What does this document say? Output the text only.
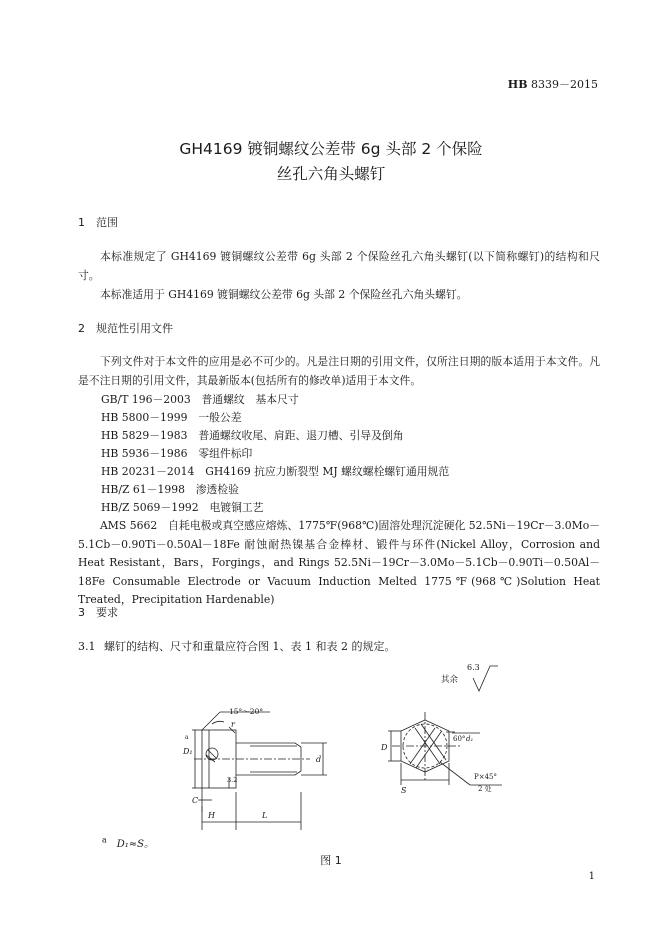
HB 8339－2015
GH4169 镀铜螺纹公差带 6g 头部 2 个保险
丝孔六角头螺钉
1 范围
本标准规定了 GH4169 镀铜螺纹公差带 6g 头部 2 个保险丝孔六角头螺钉(以下简称螺钉)的结构和尺寸。
本标准适用于 GH4169 镀铜螺纹公差带 6g 头部 2 个保险丝孔六角头螺钉。
2 规范性引用文件
下列文件对于本文件的应用是必不可少的。凡是注日期的引用文件，仅所注日期的版本适用于本文件。凡是不注日期的引用文件，其最新版本(包括所有的修改单)适用于本文件。
GB/T 196－2003　普通螺纹　基本尺寸
HB 5800－1999　一般公差
HB 5829－1983　普通螺纹收尾、肩距、退刀槽、引导及倒角
HB 5936－1986　零组件标印
HB 20231－2014　GH4169 抗应力断裂型 MJ 螺纹螺栓螺钉通用规范
HB/Z 61－1998　渗透检验
HB/Z 5069－1992　电镀铜工艺
AMS 5662　自耗电极或真空感应熔炼、1775℉(968℃)固溶处理沉淀硬化 52.5Ni－19Cr－3.0Mo－5.1Cb－0.90Ti－0.50Al－18Fe 耐蚀耐热镍基合金棒材、锻件与环件(Nickel Alloy，Corrosion and Heat Resistant，Bars，Forgings，and Rings 52.5Ni－19Cr－3.0Mo－5.1Cb－0.90Ti－0.50Al－18Fe Consumable Electrode or Vacuum Induction Melted 1775℉(968℃)Solution Heat Treated，Precipitation Hardenable)
3 要求
3.1 螺钉的结构、尺寸和重量应符合图 1、表 1 和表 2 的规定。
其余
6.3
15°～20°
r
D₁
a
d
3.2
C
H	L
D
S
60° d₁
P×45°
2 处
$^a$  D₁≈S。
图 1
1
